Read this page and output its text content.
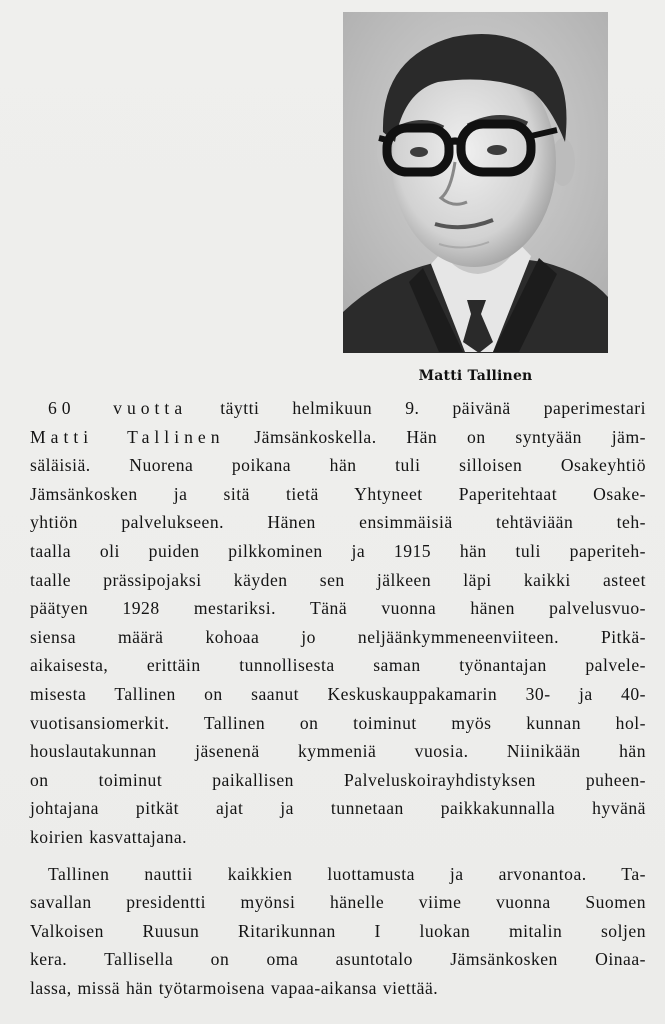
Matti Tallinen

60 vuotta täytti helmikuun 9. päivänä paperimestari

Matti Tallinen Jämsänkoskella. Hän on syntyään jäm-

säläisiä. Nuorena poikana hän tuli silloisen Osakeyhtiö

Jämsänkosken ja sitä tietä Yhtyneet Paperitehtaat Osake-

yhtiön palvelukseen. Hänen ensimmäisiä tehtäviään teh-

taalla oli puiden pilkkominen ja 1915 hän tuli paperiteh-

taalle prässipojaksi käyden sen jälkeen läpi kaikki asteet

päätyen 1928 mestariksi. Tänä vuonna hänen palvelusvuo-

siensa määrä kohoaa jo neljäänkymmeneenviiteen. Pitkä-

aikaisesta, erittäin tunnollisesta saman työnantajan palvele-

misesta Tallinen on saanut Keskuskauppakamarin 30- ja 40-

vuotisansiomerkit. Tallinen on toiminut myös kunnan hol-

houslautakunnan jäsenenä kymmeniä vuosia. Niinikään hän

on toiminut paikallisen Palveluskoirayhdistyksen puheen-

johtajana pitkät ajat ja tunnetaan paikkakunnalla hyvänä

koirien kasvattajana.

Tallinen nauttii kaikkien luottamusta ja arvonantoa. Ta-

savallan presidentti myönsi hänelle viime vuonna Suomen

Valkoisen Ruusun Ritarikunnan I luokan mitalin soljen

kera. Tallisella on oma asuntotalo Jämsänkosken Oinaa-

lassa, missä hän työtarmoisena vapaa-aikansa viettää.
